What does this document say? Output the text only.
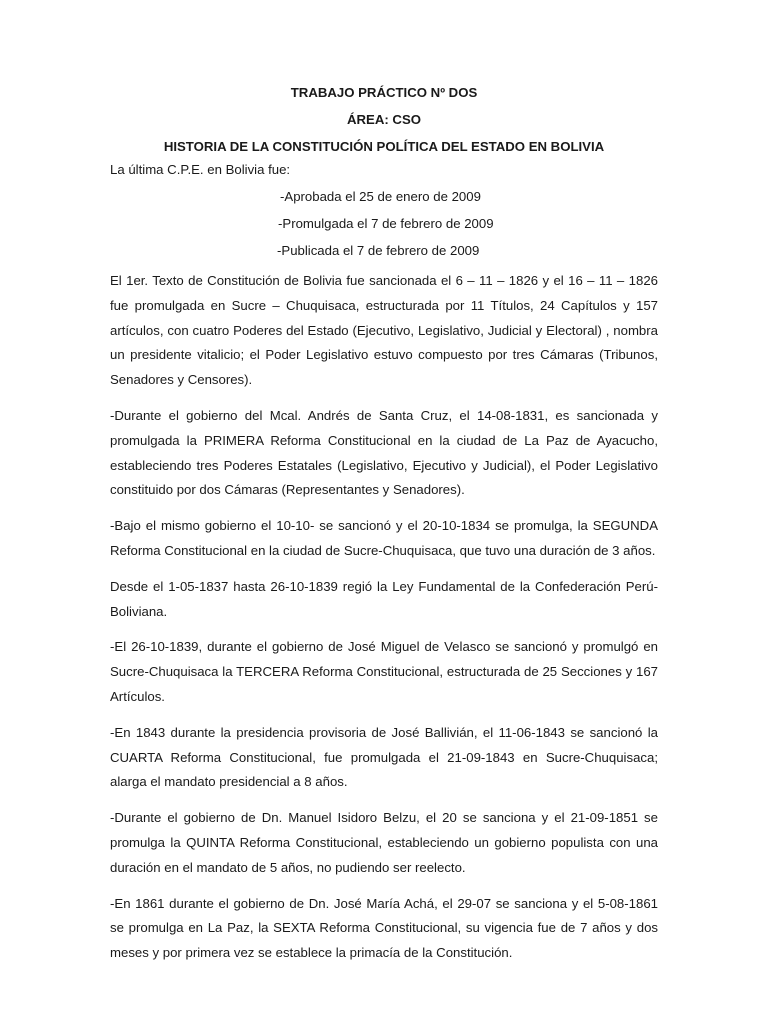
TRABAJO PRÁCTICO Nº DOS

ÁREA: CSO

HISTORIA DE LA CONSTITUCIÓN POLÍTICA DEL ESTADO EN BOLIVIA

La última C.P.E. en Bolivia fue:

-Aprobada el 25 de enero de 2009

-Promulgada el 7 de febrero de 2009

-Publicada el 7 de febrero de 2009

El 1er. Texto de Constitución de Bolivia fue sancionada el 6 – 11 – 1826 y el 16 – 11 – 1826 fue promulgada en Sucre – Chuquisaca, estructurada por 11 Títulos, 24 Capítulos y 157 artículos, con cuatro Poderes del Estado (Ejecutivo, Legislativo, Judicial y Electoral) , nombra un presidente vitalicio; el Poder Legislativo estuvo compuesto por tres Cámaras (Tribunos, Senadores y Censores).

-Durante el gobierno del Mcal. Andrés de Santa Cruz, el 14-08-1831, es sancionada y promulgada la PRIMERA Reforma Constitucional en la ciudad de La Paz de Ayacucho, estableciendo tres Poderes Estatales (Legislativo, Ejecutivo y Judicial), el Poder Legislativo constituido por dos Cámaras (Representantes y Senadores).

-Bajo el mismo gobierno el 10-10- se sancionó y el 20-10-1834 se promulga, la SEGUNDA Reforma Constitucional en la ciudad de Sucre-Chuquisaca, que tuvo una duración de 3 años.

Desde el 1-05-1837 hasta 26-10-1839 regió la Ley Fundamental de la Confederación Perú-Boliviana.

-El 26-10-1839, durante el gobierno de José Miguel de Velasco se sancionó y promulgó en Sucre-Chuquisaca la TERCERA Reforma Constitucional, estructurada de 25 Secciones y 167 Artículos.

-En 1843 durante la presidencia provisoria de José Ballivián, el 11-06-1843 se sancionó la CUARTA Reforma Constitucional, fue promulgada el 21-09-1843 en Sucre-Chuquisaca; alarga el mandato presidencial a 8 años.

-Durante el gobierno de Dn. Manuel Isidoro Belzu, el 20 se sanciona y el 21-09-1851 se promulga la QUINTA Reforma Constitucional, estableciendo un gobierno populista con una duración en el mandato de 5 años, no pudiendo ser reelecto.

-En 1861 durante el gobierno de Dn. José María Achá, el 29-07 se sanciona y el 5-08-1861 se promulga en La Paz, la SEXTA Reforma Constitucional, su vigencia fue de 7 años y dos meses y por primera vez se establece la primacía de la Constitución.
